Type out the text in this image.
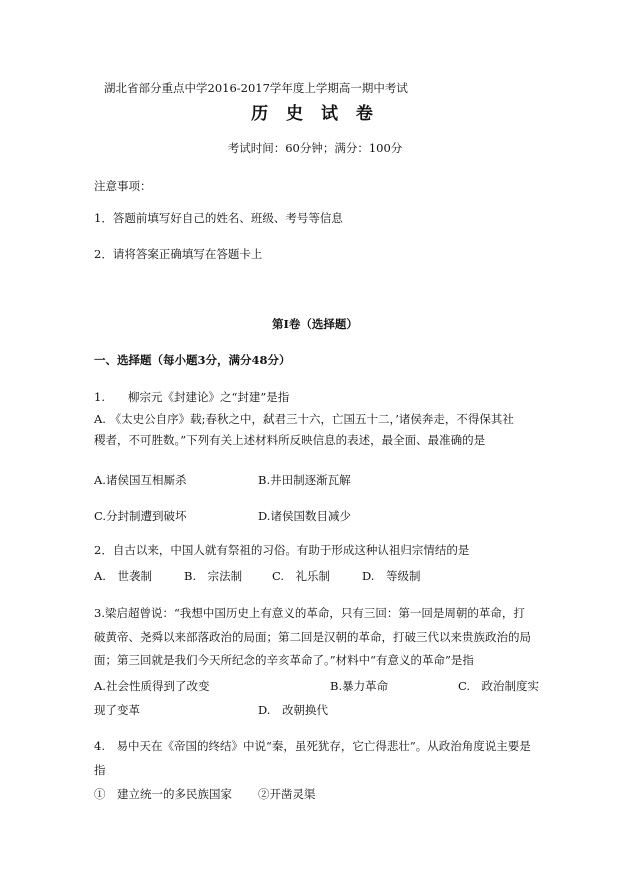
湖北省部分重点中学2016-2017学年度上学期高一期中考试
历 史 试 卷
考试时间：60分钟；满分：100分
注意事项：
1．答题前填写好自己的姓名、班级、考号等信息
2．请将答案正确填写在答题卡上
第I卷（选择题）
一、选择题（每小题3分，满分48分）
1.　　柳宗元《封建论》之“封建”是指
A. 《太史公自序》载;春秋之中，弑君三十六，亡国五十二，’诸侯奔走，不得保其社
稷者，不可胜数。”下列有关上述材料所反映信息的表述，最全面、最准确的是
A.诸侯国互相厮杀	B.井田制逐渐瓦解
C.分封制遭到破坏	D.诸侯国数目减少
2．自古以来，中国人就有祭祖的习俗。有助于形成这种认祖归宗情结的是
A.　世袭制	B.　宗法制	C.　礼乐制	D.　等级制
3.梁启超曾说：“我想中国历史上有意义的革命，只有三回：第一回是周朝的革命，打
破黄帝、尧舜以来部落政治的局面；第二回是汉朝的革命，打破三代以来贵族政治的局
面；第三回就是我们今天所纪念的辛亥革命了。”材料中“有意义的革命”是指
A.社会性质得到了改变	B.暴力革命	C.　政治制度实
现了变革	D.　改朝换代
4.　易中天在《帝国的终结》中说“秦，虽死犹存，它亡得悲壮”。从政治角度说主要是
指
①　建立统一的多民族国家 ②开凿灵渠
